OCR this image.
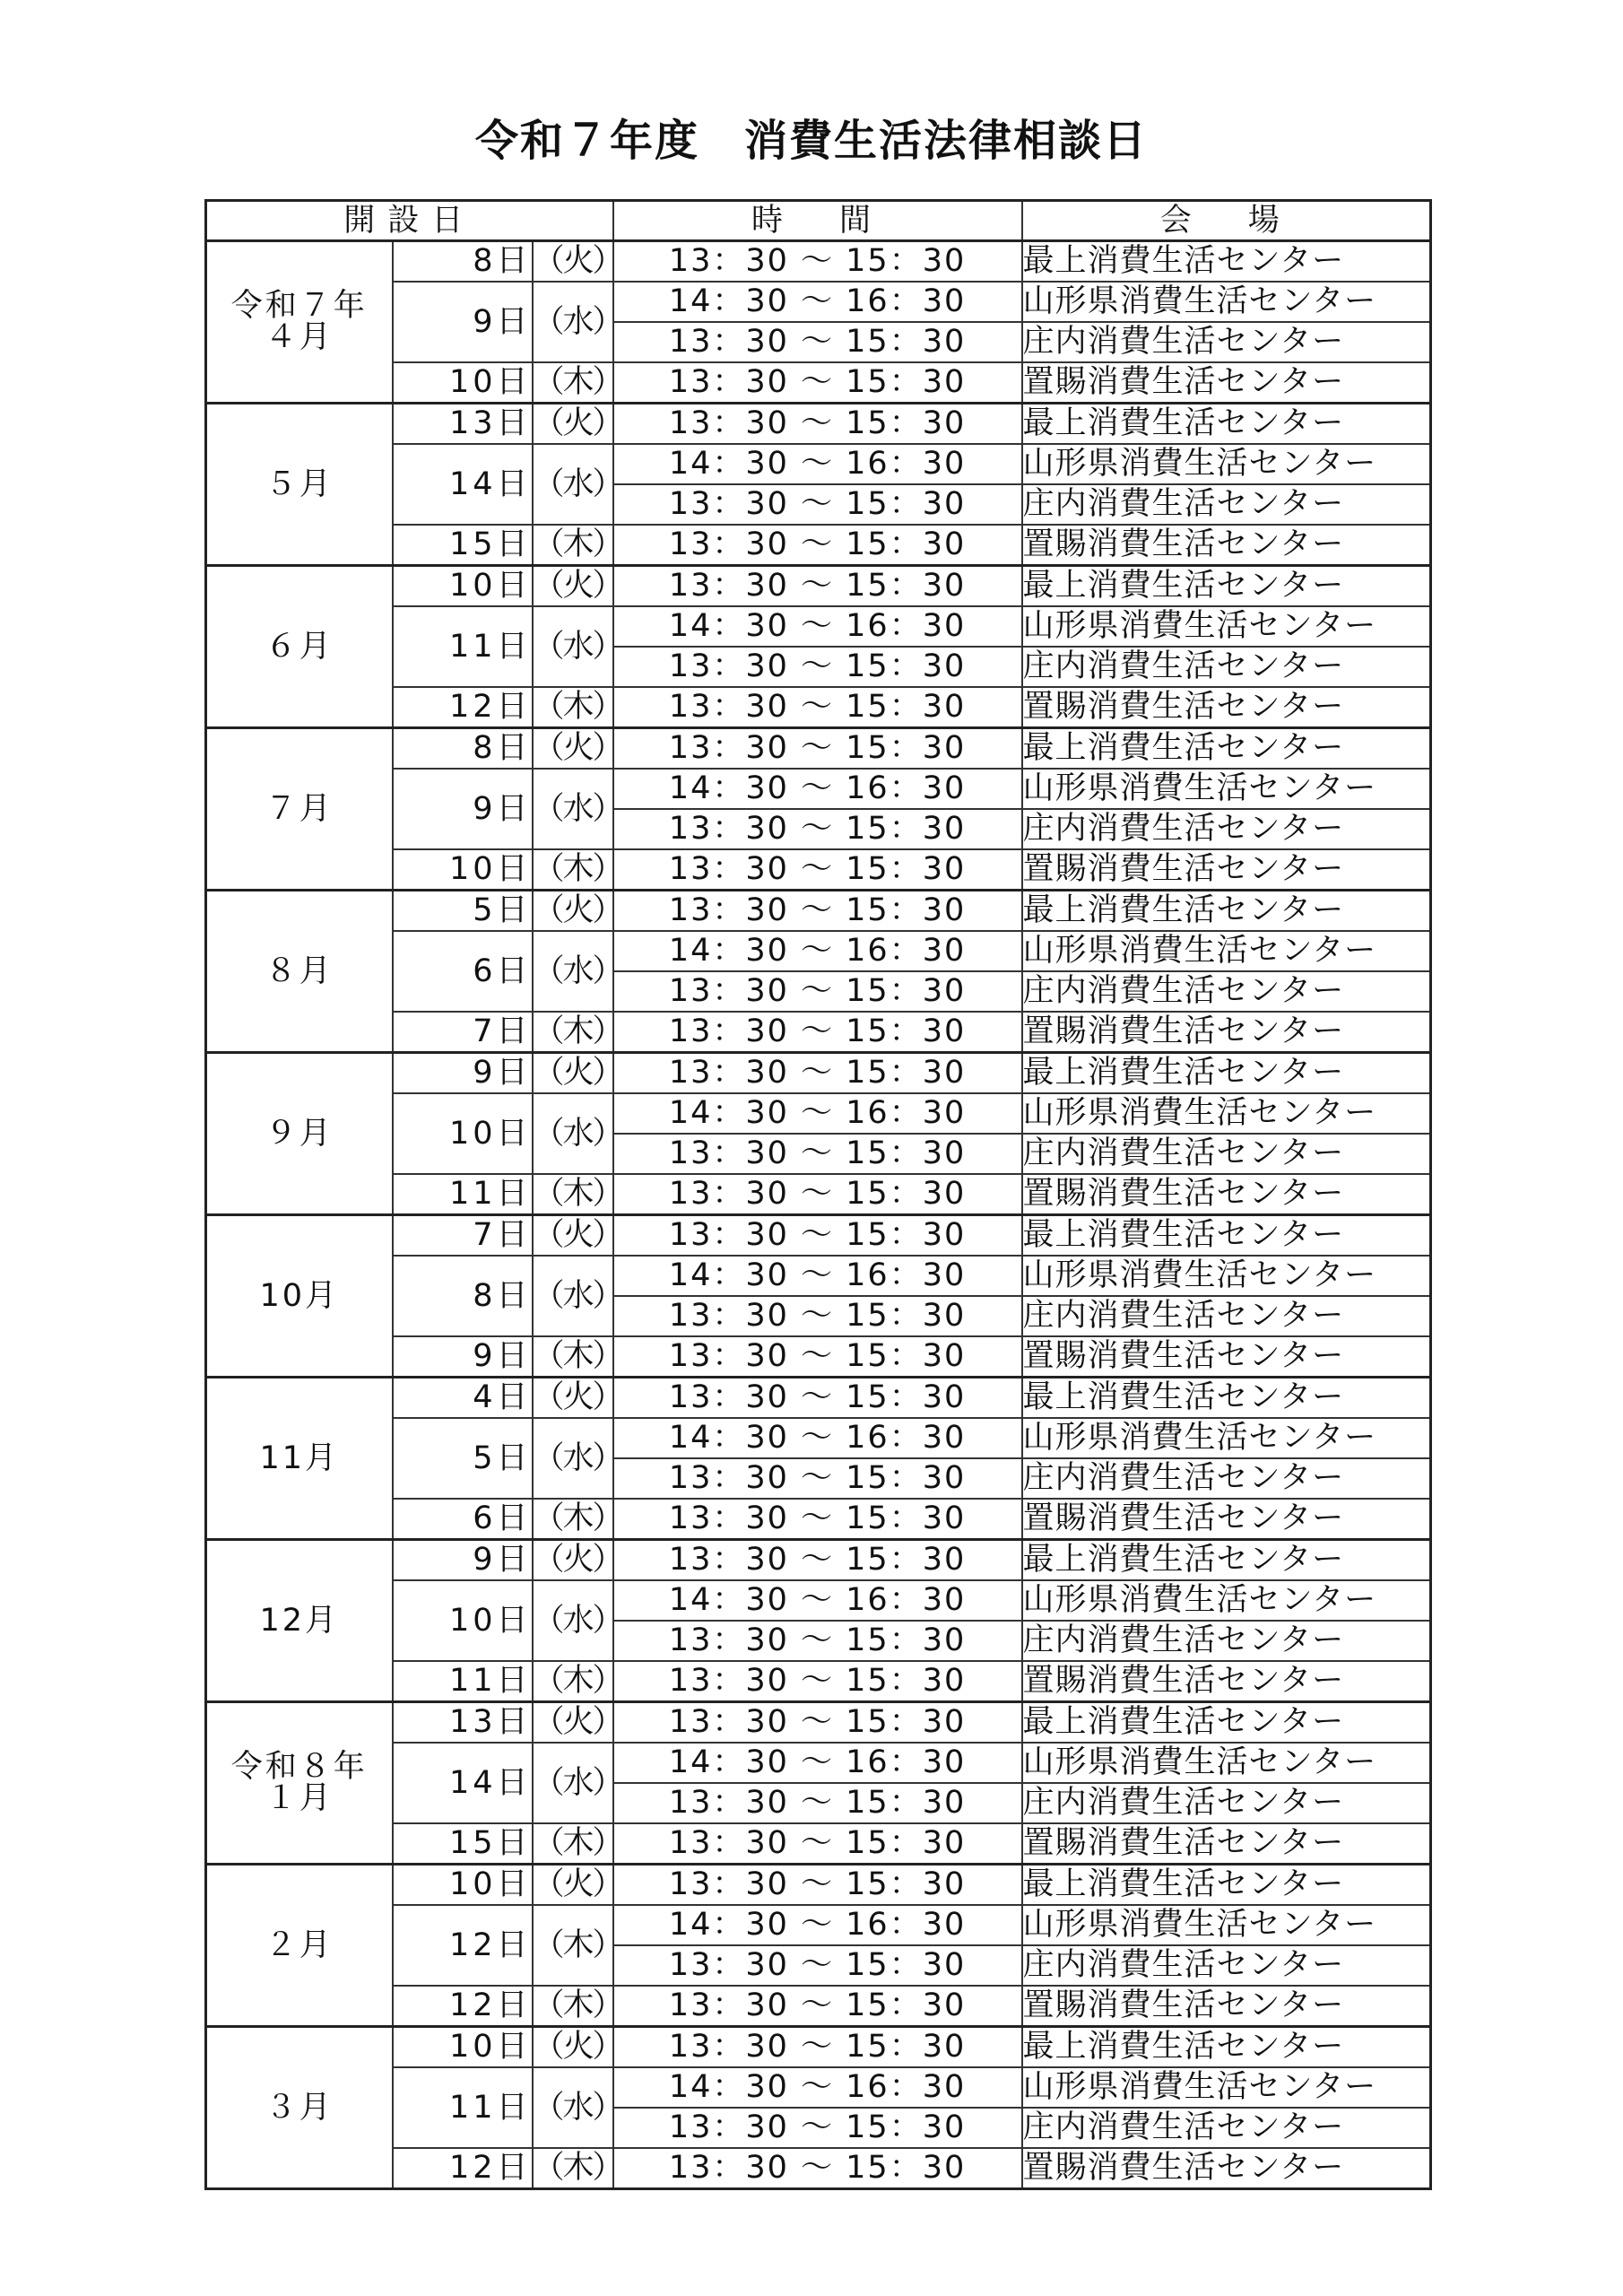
令和７年度　消費生活法律相談日
開設日			時　間	会　場
令和７年
４月	8日	（火）	13：30 ～ 15：30	最上消費生活センター
	9日	（水）	14：30 ～ 16：30	山形県消費生活センター
			13：30 ～ 15：30	庄内消費生活センター
	10日	（木）	13：30 ～ 15：30	置賜消費生活センター
５月	13日	（火）	13：30 ～ 15：30	最上消費生活センター
	14日	（水）	14：30 ～ 16：30	山形県消費生活センター
			13：30 ～ 15：30	庄内消費生活センター
	15日	（木）	13：30 ～ 15：30	置賜消費生活センター
６月	10日	（火）	13：30 ～ 15：30	最上消費生活センター
	11日	（水）	14：30 ～ 16：30	山形県消費生活センター
			13：30 ～ 15：30	庄内消費生活センター
	12日	（木）	13：30 ～ 15：30	置賜消費生活センター
７月	8日	（火）	13：30 ～ 15：30	最上消費生活センター
	9日	（水）	14：30 ～ 16：30	山形県消費生活センター
			13：30 ～ 15：30	庄内消費生活センター
	10日	（木）	13：30 ～ 15：30	置賜消費生活センター
８月	5日	（火）	13：30 ～ 15：30	最上消費生活センター
	6日	（水）	14：30 ～ 16：30	山形県消費生活センター
			13：30 ～ 15：30	庄内消費生活センター
	7日	（木）	13：30 ～ 15：30	置賜消費生活センター
９月	9日	（火）	13：30 ～ 15：30	最上消費生活センター
	10日	（水）	14：30 ～ 16：30	山形県消費生活センター
			13：30 ～ 15：30	庄内消費生活センター
	11日	（木）	13：30 ～ 15：30	置賜消費生活センター
10月	7日	（火）	13：30 ～ 15：30	最上消費生活センター
	8日	（水）	14：30 ～ 16：30	山形県消費生活センター
			13：30 ～ 15：30	庄内消費生活センター
	9日	（木）	13：30 ～ 15：30	置賜消費生活センター
11月	4日	（火）	13：30 ～ 15：30	最上消費生活センター
	5日	（水）	14：30 ～ 16：30	山形県消費生活センター
			13：30 ～ 15：30	庄内消費生活センター
	6日	（木）	13：30 ～ 15：30	置賜消費生活センター
12月	9日	（火）	13：30 ～ 15：30	最上消費生活センター
	10日	（水）	14：30 ～ 16：30	山形県消費生活センター
			13：30 ～ 15：30	庄内消費生活センター
	11日	（木）	13：30 ～ 15：30	置賜消費生活センター
令和８年
１月	13日	（火）	13：30 ～ 15：30	最上消費生活センター
	14日	（水）	14：30 ～ 16：30	山形県消費生活センター
			13：30 ～ 15：30	庄内消費生活センター
	15日	（木）	13：30 ～ 15：30	置賜消費生活センター
２月	10日	（火）	13：30 ～ 15：30	最上消費生活センター
	12日	（木）	14：30 ～ 16：30	山形県消費生活センター
			13：30 ～ 15：30	庄内消費生活センター
	12日	（木）	13：30 ～ 15：30	置賜消費生活センター
３月	10日	（火）	13：30 ～ 15：30	最上消費生活センター
	11日	（水）	14：30 ～ 16：30	山形県消費生活センター
			13：30 ～ 15：30	庄内消費生活センター
	12日	（木）	13：30 ～ 15：30	置賜消費生活センター
